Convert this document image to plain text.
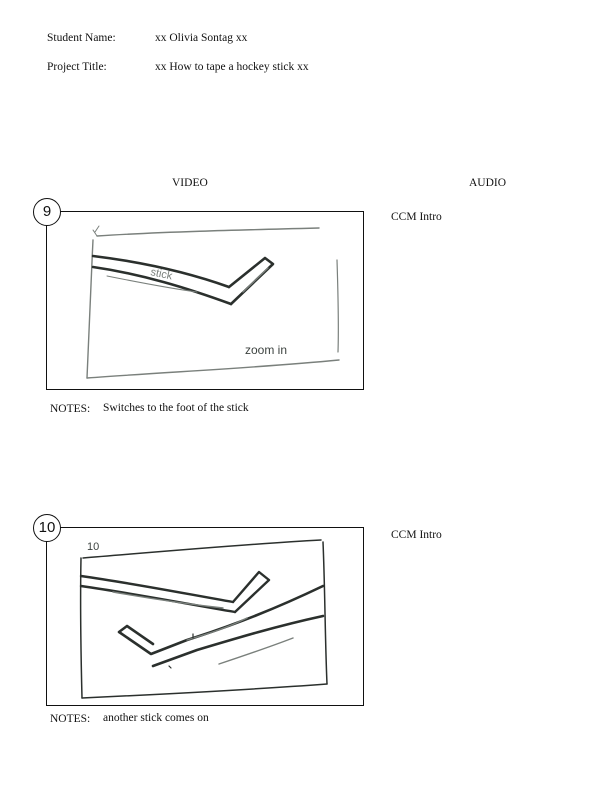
Student Name:	xx Olivia Sontag xx
Project Title:	xx How to tape a hockey stick xx
VIDEO	AUDIO
9
stick
zoom in
CCM Intro
NOTES: Switches to the foot of the stick
10
10
CCM Intro
NOTES: another stick comes on
